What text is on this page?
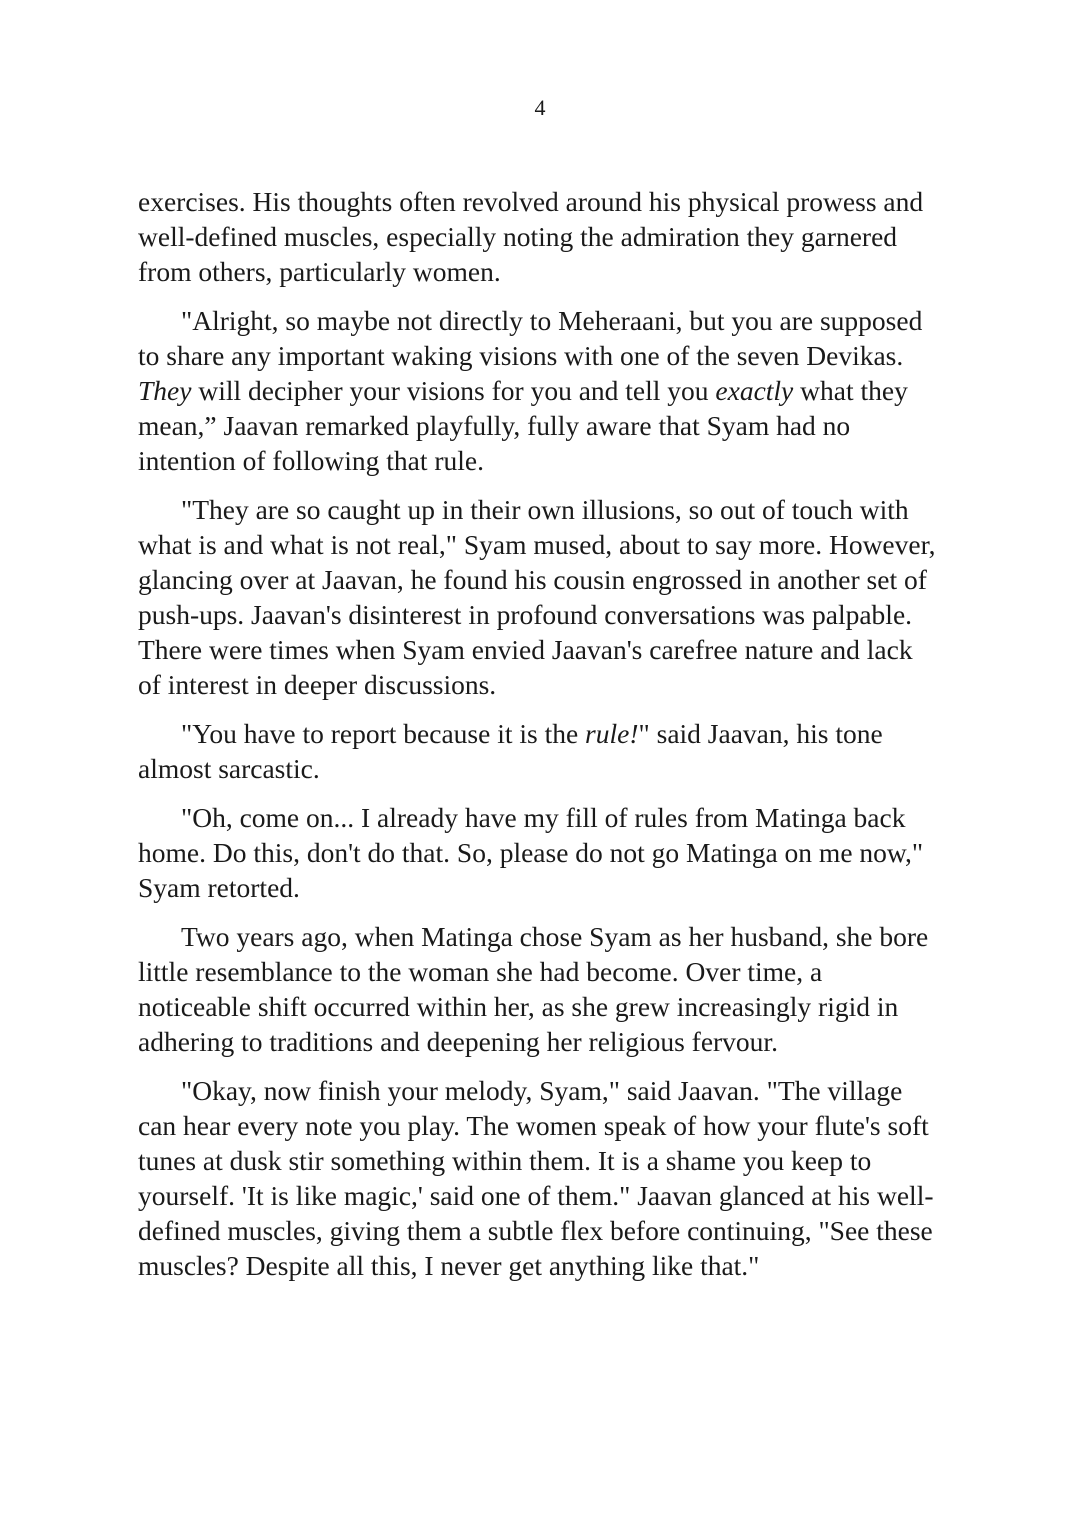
4

exercises. His thoughts often revolved around his physical prowess and well-defined muscles, especially noting the admiration they garnered from others, particularly women.

"Alright, so maybe not directly to Meheraani, but you are supposed to share any important waking visions with one of the seven Devikas. They will decipher your visions for you and tell you exactly what they mean,” Jaavan remarked playfully, fully aware that Syam had no intention of following that rule.

"They are so caught up in their own illusions, so out of touch with what is and what is not real," Syam mused, about to say more. However, glancing over at Jaavan, he found his cousin engrossed in another set of push-ups. Jaavan's disinterest in profound conversations was palpable. There were times when Syam envied Jaavan's carefree nature and lack of interest in deeper discussions.

"You have to report because it is the rule!" said Jaavan, his tone almost sarcastic.

"Oh, come on... I already have my fill of rules from Matinga back home. Do this, don't do that. So, please do not go Matinga on me now," Syam retorted.

Two years ago, when Matinga chose Syam as her husband, she bore little resemblance to the woman she had become. Over time, a noticeable shift occurred within her, as she grew increasingly rigid in adhering to traditions and deepening her religious fervour.

"Okay, now finish your melody, Syam," said Jaavan. "The village can hear every note you play. The women speak of how your flute's soft tunes at dusk stir something within them. It is a shame you keep to yourself. 'It is like magic,' said one of them." Jaavan glanced at his well-defined muscles, giving them a subtle flex before continuing, "See these muscles? Despite all this, I never get anything like that."
